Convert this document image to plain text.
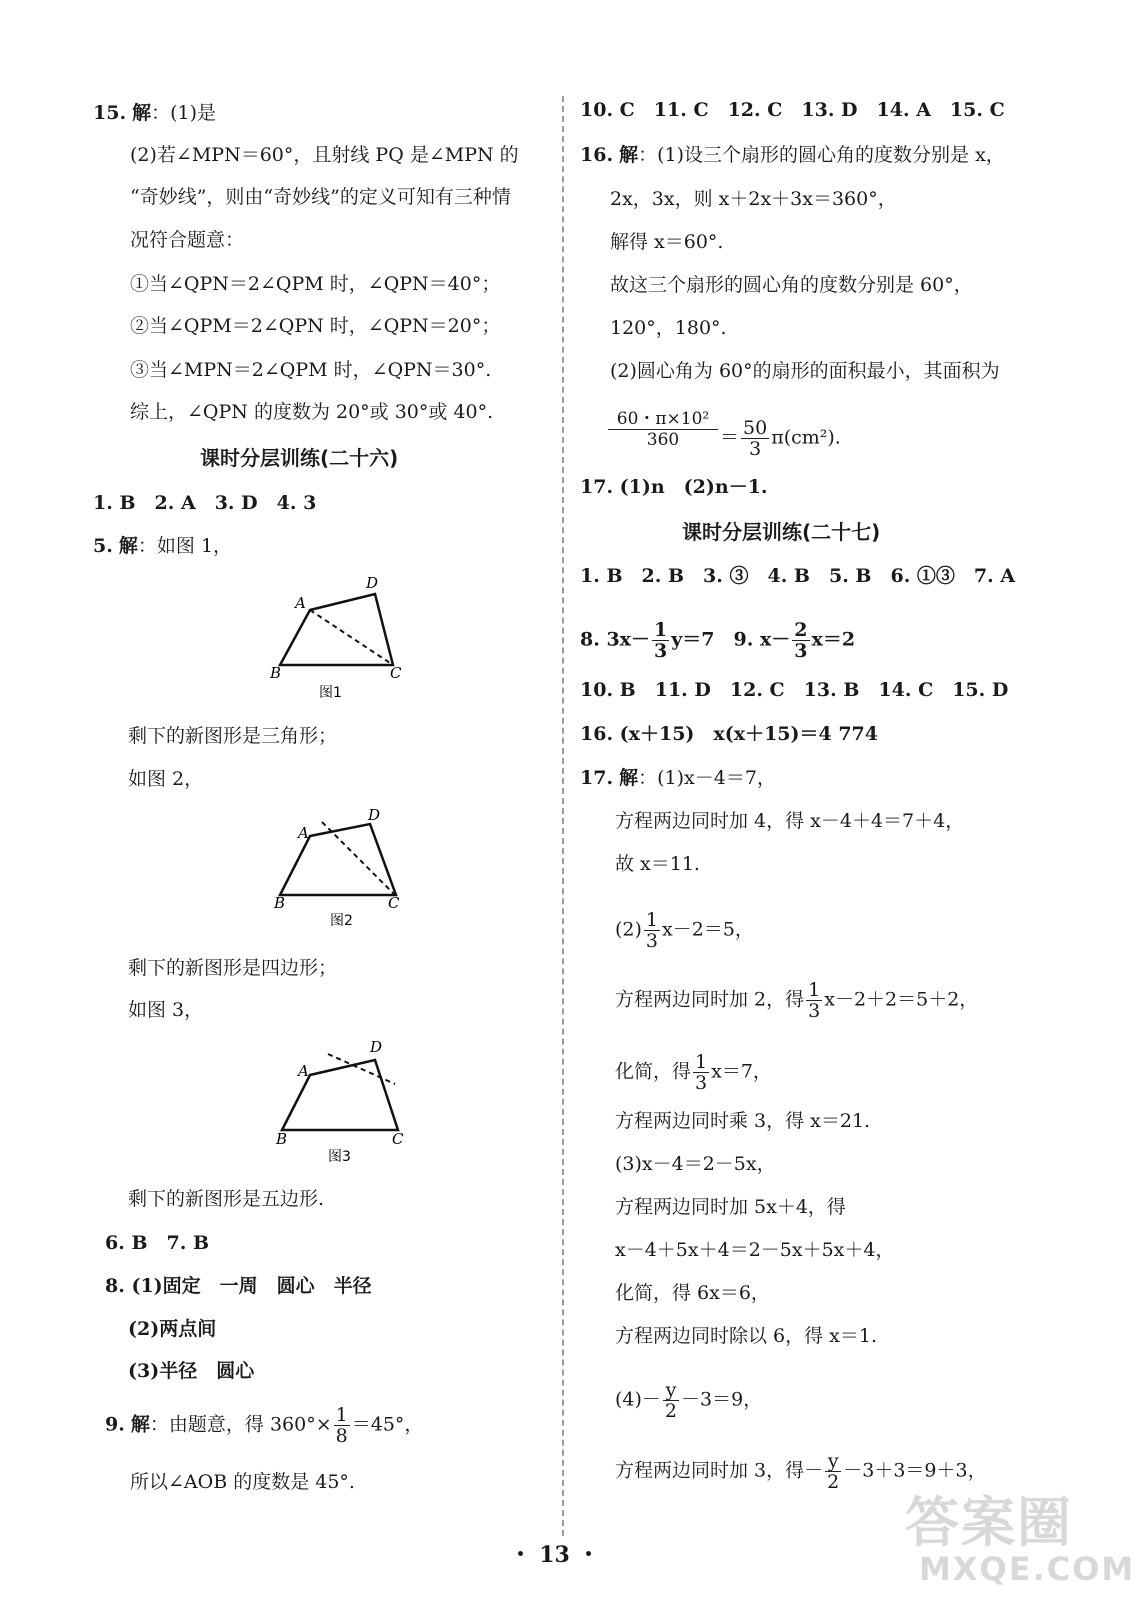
15. 解：(1)是
(2)若∠MPN＝60°，且射线 PQ 是∠MPN 的
“奇妙线”，则由“奇妙线”的定义可知有三种情
况符合题意：
①当∠QPN＝2∠QPM 时，∠QPN＝40°；
②当∠QPM＝2∠QPN 时，∠QPN＝20°；
③当∠MPN＝2∠QPM 时，∠QPN＝30°.
综上，∠QPN 的度数为 20°或 30°或 40°.
课时分层训练(二十六)
1. B　2. A　3. D　4. 3
5. 解：如图 1，
A
D
B	C
图1
剩下的新图形是三角形；
如图 2，
A
D
B	C
图2
剩下的新图形是四边形；
如图 3，
A
D
B	C
图3
剩下的新图形是五边形.
6. B　7. B
8. (1)固定　一周　圆心　半径
(2)两点间
(3)半径　圆心
9. 解：由题意，得 $360^\circ\times \frac{1}{8} =45^\circ$，
所以∠AOB 的度数是 45°.
10. C　11. C　12. C　13. D　14. A　15. C
16. 解：(1)设三个扇形的圆心角的度数分别是 x，
2x，3x，则 x＋2x＋3x＝360°，
解得 x＝60°.
故这三个扇形的圆心角的度数分别是 60°，
120°，180°.
(2)圆心角为 60°的扇形的面积最小，其面积为
60・π×10²
360	＝ $\frac{50}{3} \pi(cm^2)$.
17. (1)n　(2)n－1.
课时分层训练(二十七)
1. B　2. B　3. ③　4. B　5. B　6. ①③　7. A
8. $3x- \frac{1}{3} y=7$　 9. $x- \frac{2}{3} x=2$
10. B　11. D　12. C　13. B　14. C　15. D
16. (x＋15)　x(x＋15)＝4 774
17. 解：(1)x－4＝7，
方程两边同时加 4，得 x－4＋4＝7＋4，
故 x＝11.
$(2) \frac{1}{3} x-2=5$，
方程两边同时加 2，得 $\frac{1}{3} x-2+2=5+2$，
化简，得 $\frac{1}{3} x=7$，
方程两边同时乘 3，得 x＝21.
(3)x－4＝2－5x，
方程两边同时加 5x＋4，得
x－4＋5x＋4＝2－5x＋5x＋4，
化简，得 6x＝6，
方程两边同时除以 6，得 x＝1.
$(4)- \frac{y}{2} -3=9$，
方程两边同时加 3，得－ $\frac{y}{2} -3+3=9+3$，
・ 13 ・
答案圈
MXQE.COM
